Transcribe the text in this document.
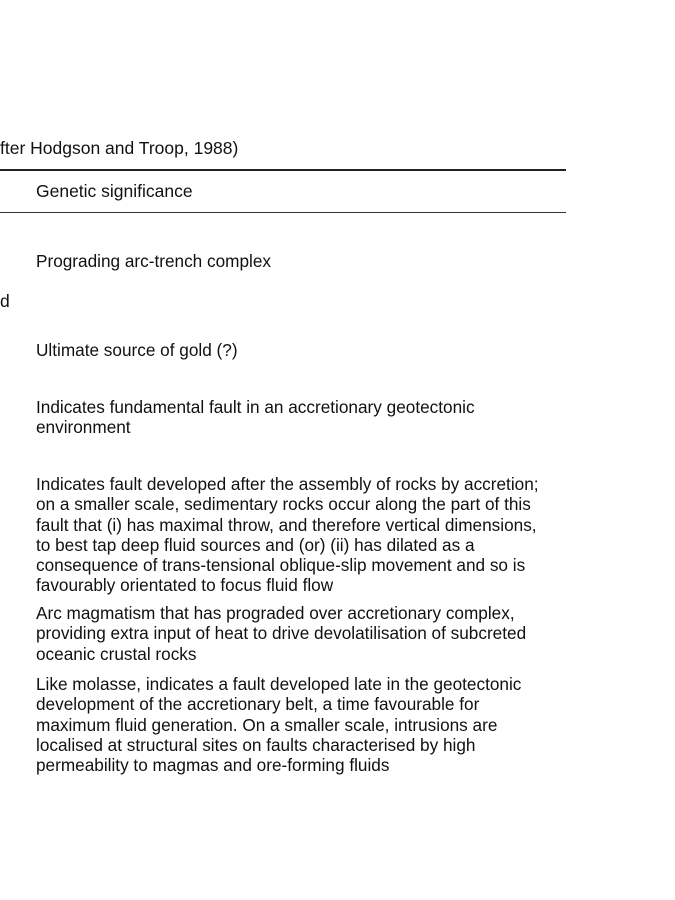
fter Hodgson and Troop, 1988)
Genetic significance
d
Prograding arc-trench complex
Ultimate source of gold (?)
Indicates fundamental fault in an accretionary geotectonic
environment
Indicates fault developed after the assembly of rocks by accretion;
on a smaller scale, sedimentary rocks occur along the part of this
fault that (i) has maximal throw, and therefore vertical dimensions,
to best tap deep fluid sources and (or) (ii) has dilated as a
consequence of trans-tensional oblique-slip movement and so is
favourably orientated to focus fluid flow
Arc magmatism that has prograded over accretionary complex,
providing extra input of heat to drive devolatilisation of subcreted
oceanic crustal rocks
Like molasse, indicates a fault developed late in the geotectonic
development of the accretionary belt, a time favourable for
maximum fluid generation. On a smaller scale, intrusions are
localised at structural sites on faults characterised by high
permeability to magmas and ore-forming fluids
